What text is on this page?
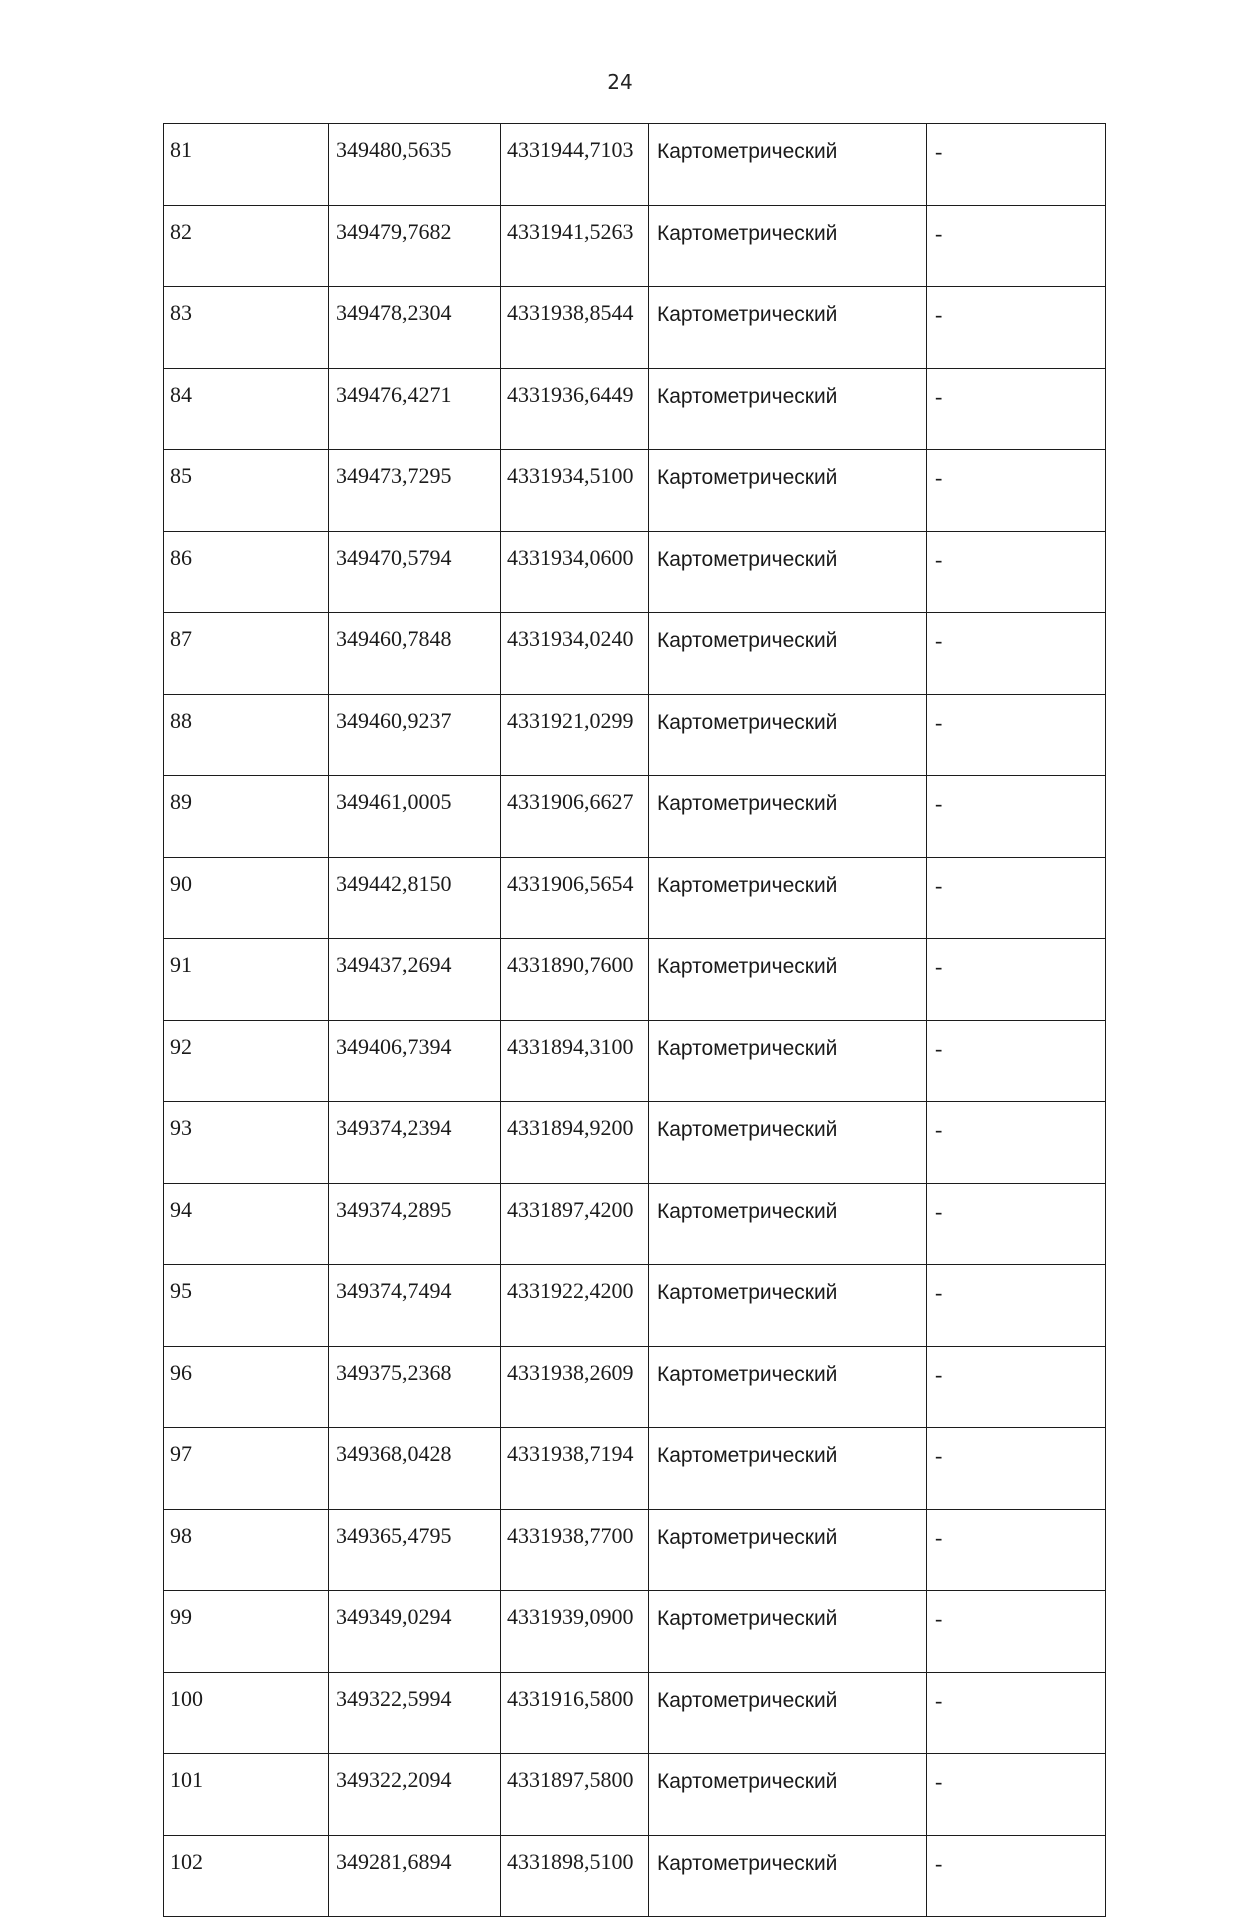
24
81	349480,5635	4331944,7103	Картометрический	-
82	349479,7682	4331941,5263	Картометрический	-
83	349478,2304	4331938,8544	Картометрический	-
84	349476,4271	4331936,6449	Картометрический	-
85	349473,7295	4331934,5100	Картометрический	-
86	349470,5794	4331934,0600	Картометрический	-
87	349460,7848	4331934,0240	Картометрический	-
88	349460,9237	4331921,0299	Картометрический	-
89	349461,0005	4331906,6627	Картометрический	-
90	349442,8150	4331906,5654	Картометрический	-
91	349437,2694	4331890,7600	Картометрический	-
92	349406,7394	4331894,3100	Картометрический	-
93	349374,2394	4331894,9200	Картометрический	-
94	349374,2895	4331897,4200	Картометрический	-
95	349374,7494	4331922,4200	Картометрический	-
96	349375,2368	4331938,2609	Картометрический	-
97	349368,0428	4331938,7194	Картометрический	-
98	349365,4795	4331938,7700	Картометрический	-
99	349349,0294	4331939,0900	Картометрический	-
100	349322,5994	4331916,5800	Картометрический	-
101	349322,2094	4331897,5800	Картометрический	-
102	349281,6894	4331898,5100	Картометрический	-
